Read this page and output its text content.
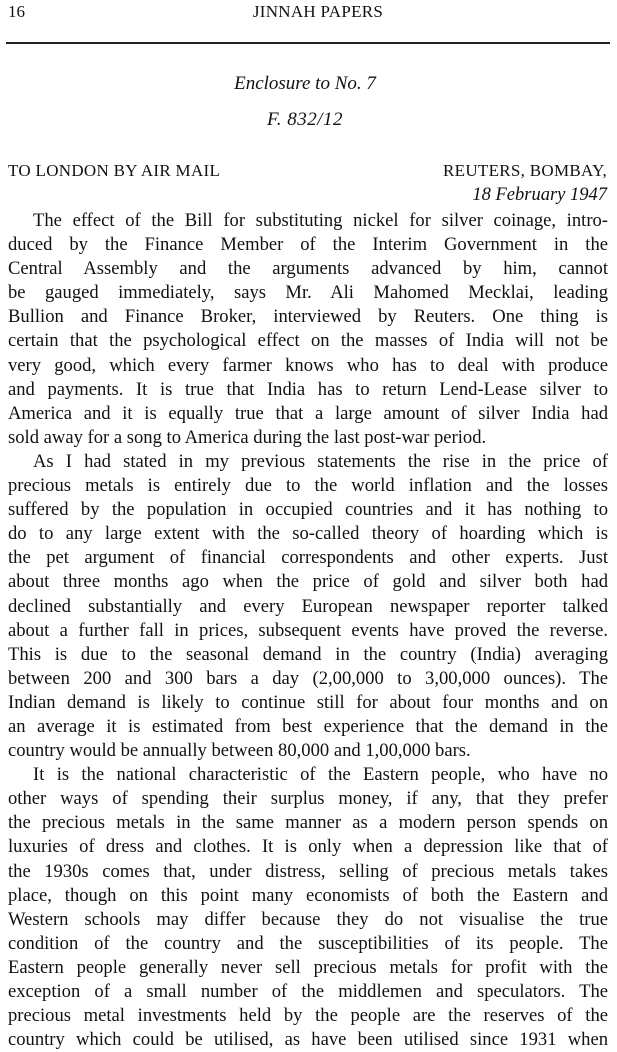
16	JINNAH PAPERS
Enclosure to No. 7
F. 832/12
TO LONDON BY AIR MAIL	REUTERS, BOMBAY,
18 February 1947
The effect of the Bill for substituting nickel for silver coinage, intro-
duced by the Finance Member of the Interim Government in the
Central Assembly and the arguments advanced by him, cannot
be gauged immediately, says Mr. Ali Mahomed Mecklai, leading
Bullion and Finance Broker, interviewed by Reuters. One thing is
certain that the psychological effect on the masses of India will not be
very good, which every farmer knows who has to deal with produce
and payments. It is true that India has to return Lend-Lease silver to
America and it is equally true that a large amount of silver India had
sold away for a song to America during the last post-war period.
As I had stated in my previous statements the rise in the price of
precious metals is entirely due to the world inflation and the losses
suffered by the population in occupied countries and it has nothing to
do to any large extent with the so-called theory of hoarding which is
the pet argument of financial correspondents and other experts. Just
about three months ago when the price of gold and silver both had
declined substantially and every European newspaper reporter talked
about a further fall in prices, subsequent events have proved the reverse.
This is due to the seasonal demand in the country (India) averaging
between 200 and 300 bars a day (2,00,000 to 3,00,000 ounces). The
Indian demand is likely to continue still for about four months and on
an average it is estimated from best experience that the demand in the
country would be annually between 80,000 and 1,00,000 bars.
It is the national characteristic of the Eastern people, who have no
other ways of spending their surplus money, if any, that they prefer
the precious metals in the same manner as a modern person spends on
luxuries of dress and clothes. It is only when a depression like that of
the 1930s comes that, under distress, selling of precious metals takes
place, though on this point many economists of both the Eastern and
Western schools may differ because they do not visualise the true
condition of the country and the susceptibilities of its people. The
Eastern people generally never sell precious metals for profit with the
exception of a small number of the middlemen and speculators. The
precious metal investments held by the people are the reserves of the
country which could be utilised, as have been utilised since 1931 when
